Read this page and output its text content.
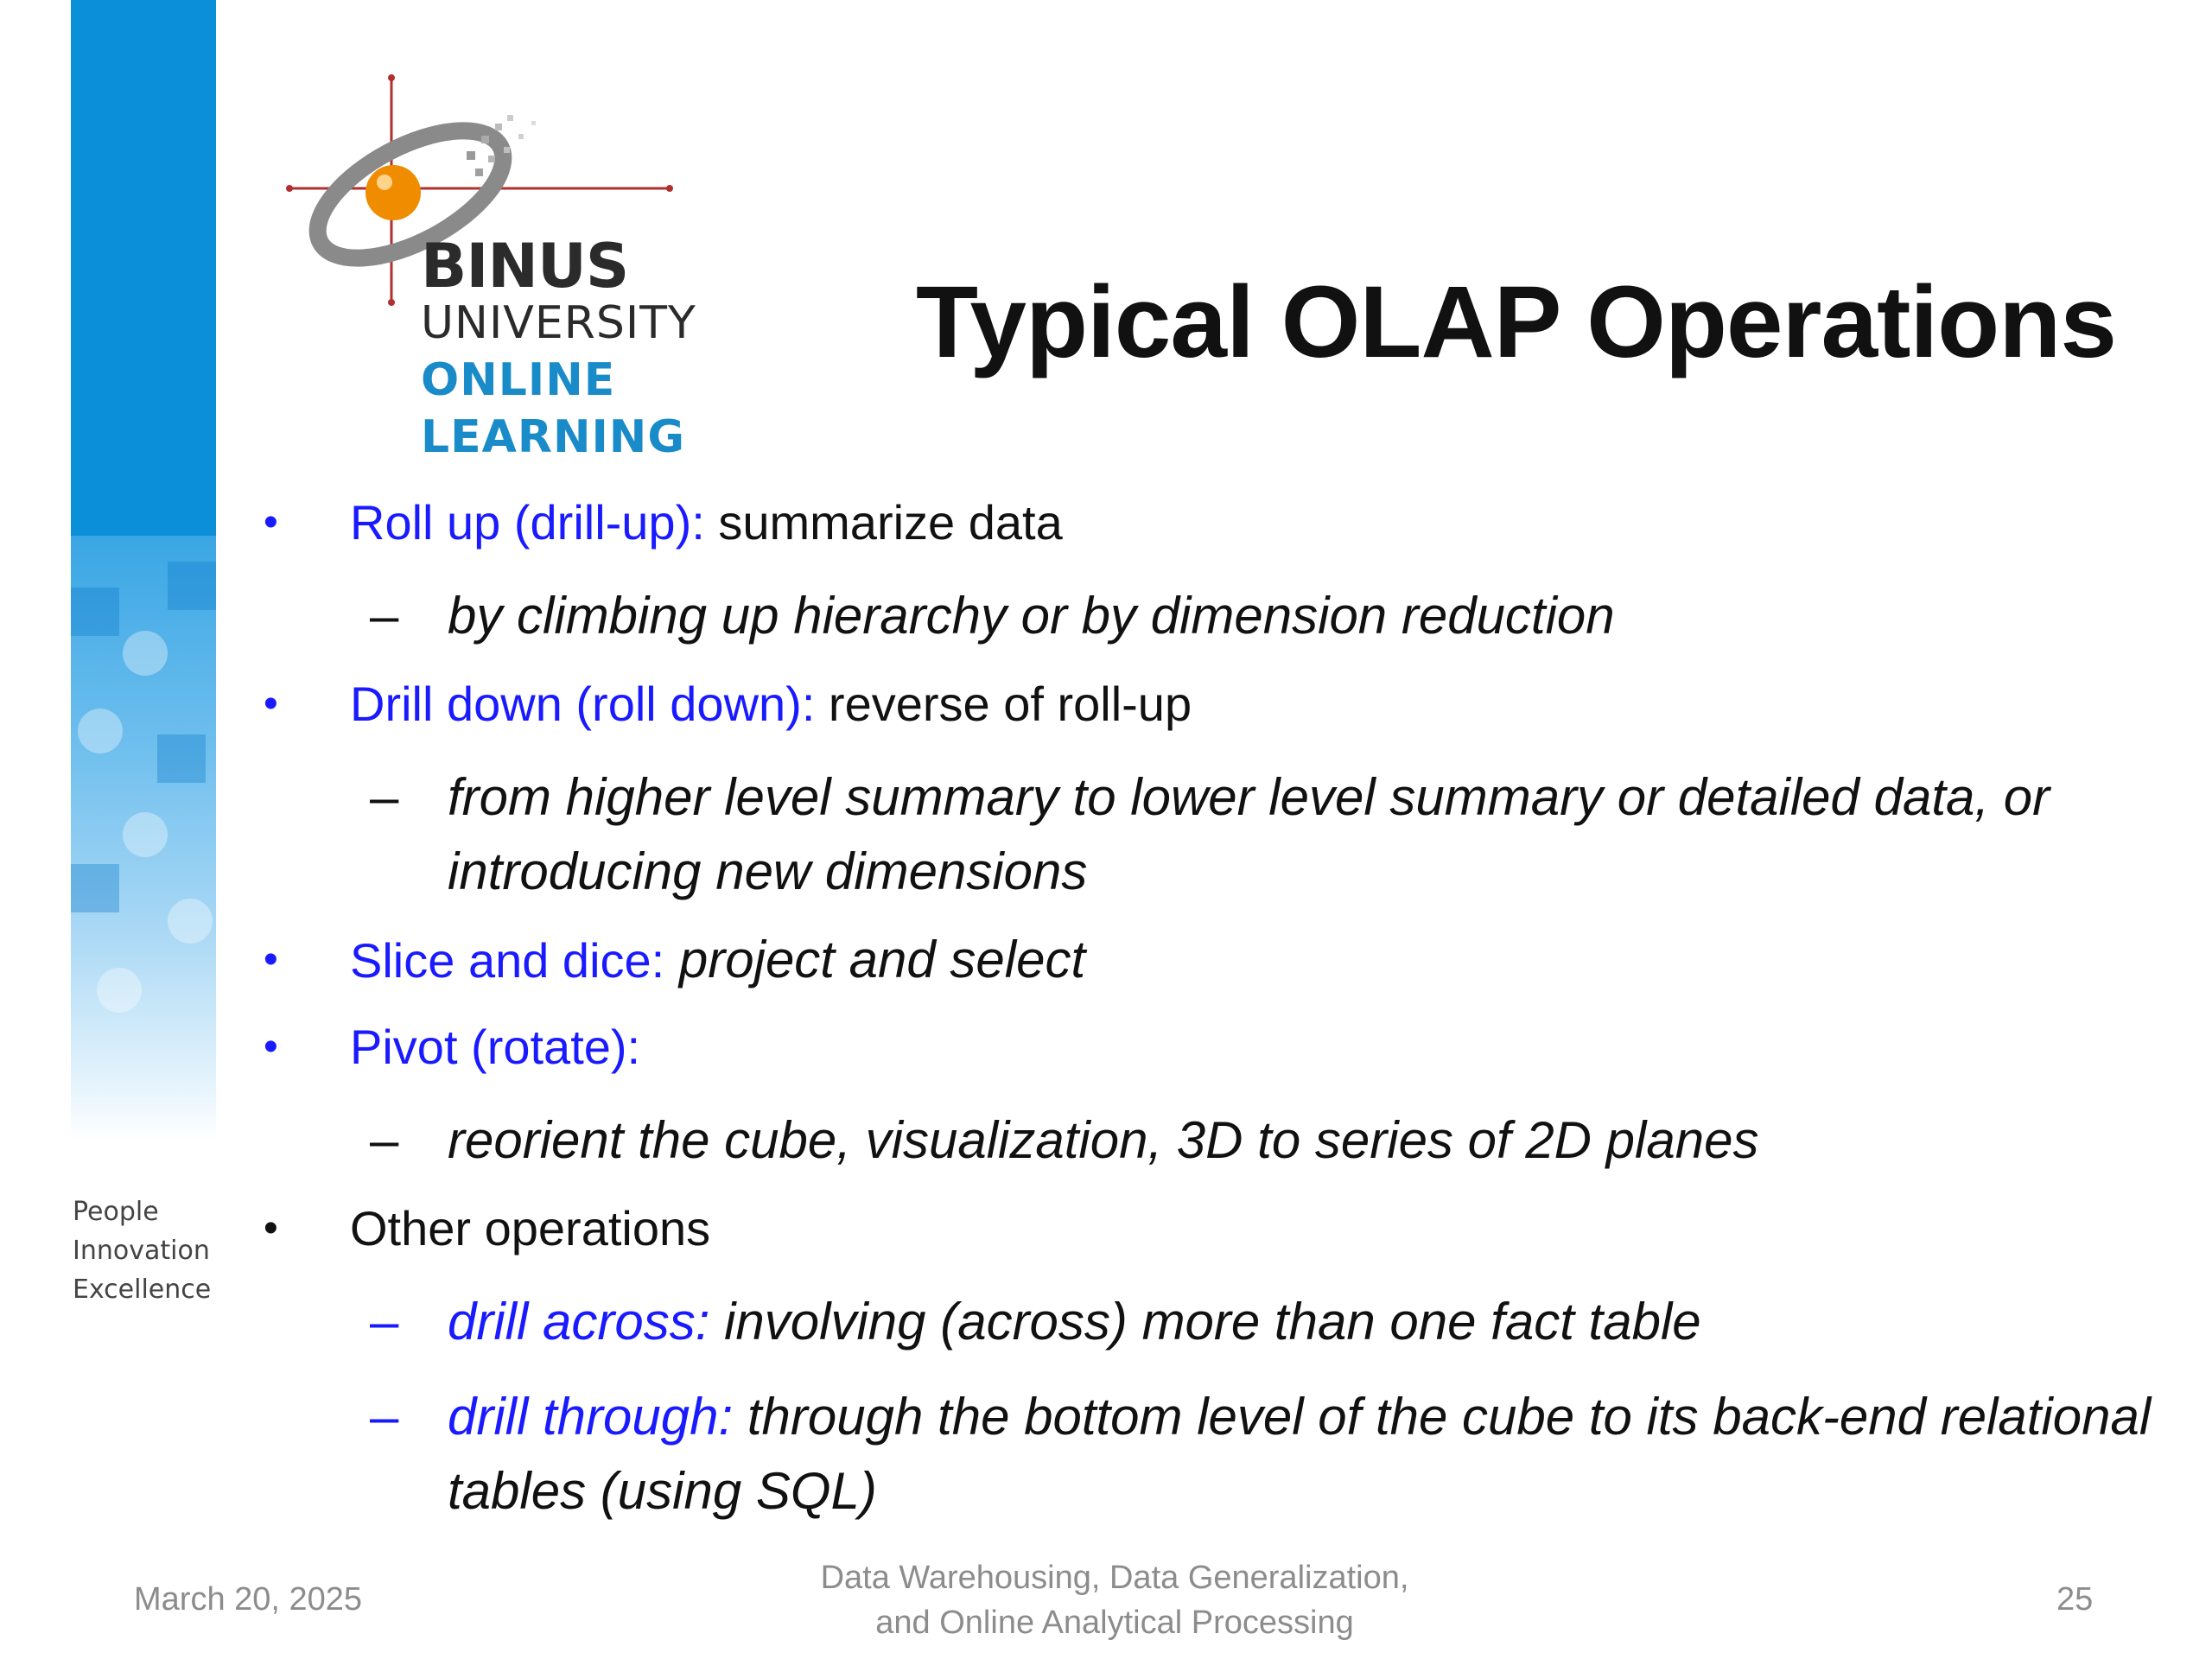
People
Innovation
Excellence
BINUS
UNIVERSITY
ONLINE
LEARNING
Typical OLAP Operations
• Roll up (drill-up): summarize data
– by climbing up hierarchy or by dimension reduction
• Drill down (roll down): reverse of roll-up
– from higher level summary to lower level summary or detailed data, or introducing new dimensions
• Slice and dice: project and select
• Pivot (rotate):
– reorient the cube, visualization, 3D to series of 2D planes
• Other operations
– drill across: involving (across) more than one fact table
– drill through: through the bottom level of the cube to its back-end relational tables (using SQL)
March 20, 2025
Data Warehousing, Data Generalization,
and Online Analytical Processing
25
